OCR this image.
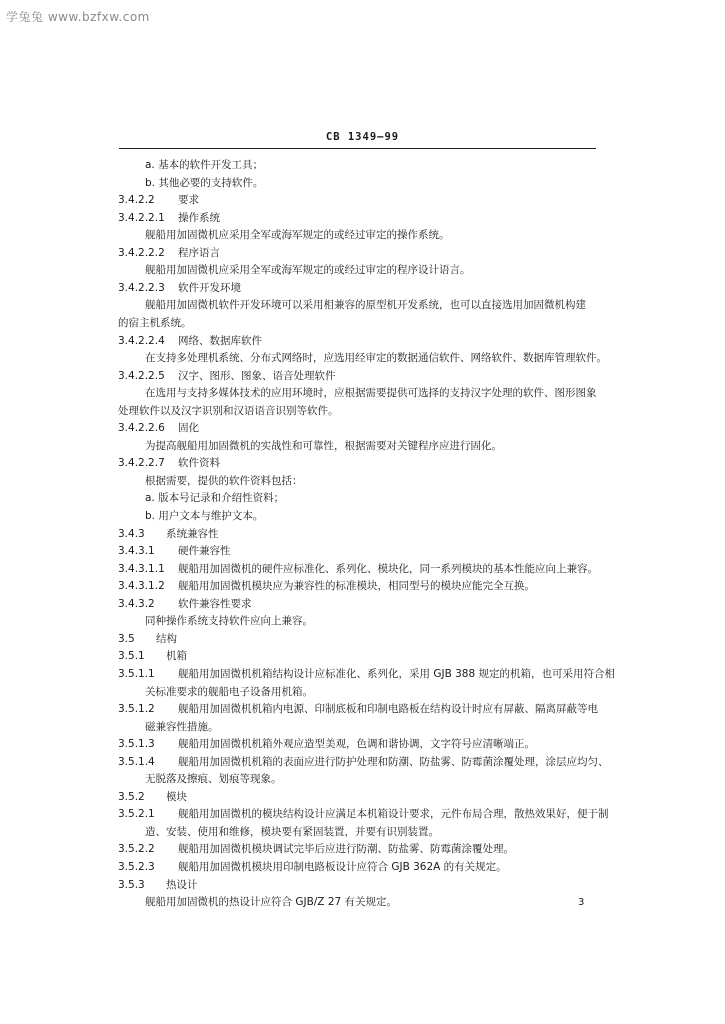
学兔兔 www.bzfxw.com
CB 1349—99
a. 基本的软件开发工具；
b. 其他必要的支持软件。
3.4.2.2 要求
3.4.2.2.1 操作系统
舰船用加固微机应采用全军或海军规定的或经过审定的操作系统。
3.4.2.2.2 程序语言
舰船用加固微机应采用全军或海军规定的或经过审定的程序设计语言。
3.4.2.2.3 软件开发环境
舰船用加固微机软件开发环境可以采用相兼容的原型机开发系统，也可以直接选用加固微机构建
的宿主机系统。
3.4.2.2.4 网络、数据库软件
在支持多处理机系统、分布式网络时，应选用经审定的数据通信软件、网络软件、数据库管理软件。
3.4.2.2.5 汉字、图形、图象、语音处理软件
在选用与支持多媒体技术的应用环境时，应根据需要提供可选择的支持汉字处理的软件、图形图象
处理软件以及汉字识别和汉语语音识别等软件。
3.4.2.2.6 固化
为提高舰船用加固微机的实战性和可靠性，根据需要对关键程序应进行固化。
3.4.2.2.7 软件资料
根据需要，提供的软件资料包括：
a. 版本号记录和介绍性资料；
b. 用户文本与维护文本。
3.4.3 系统兼容性
3.4.3.1 硬件兼容性
3.4.3.1.1 舰船用加固微机的硬件应标准化、系列化、模块化，同一系列模块的基本性能应向上兼容。
3.4.3.1.2 舰船用加固微机模块应为兼容性的标准模块，相同型号的模块应能完全互换。
3.4.3.2 软件兼容性要求
同种操作系统支持软件应向上兼容。
3.5 结构
3.5.1 机箱
3.5.1.1 舰船用加固微机机箱结构设计应标准化、系列化，采用 GJB 388 规定的机箱，也可采用符合相
关标准要求的舰船电子设备用机箱。
3.5.1.2 舰船用加固微机机箱内电源、印制底板和印制电路板在结构设计时应有屏蔽、隔离屏蔽等电
磁兼容性措施。
3.5.1.3 舰船用加固微机机箱外观应造型美观，色调和谐协调，文字符号应清晰端正。
3.5.1.4 舰船用加固微机机箱的表面应进行防护处理和防潮、防盐雾、防霉菌涂覆处理，涂层应均匀、
无脱落及擦痕、划痕等现象。
3.5.2 模块
3.5.2.1 舰船用加固微机的模块结构设计应满足本机箱设计要求，元件布局合理，散热效果好，便于制
造、安装、使用和维修，模块要有紧固装置，并要有识别装置。
3.5.2.2 舰船用加固微机模块调试完毕后应进行防潮、防盐雾、防霉菌涂覆处理。
3.5.2.3 舰船用加固微机模块用印制电路板设计应符合 GJB 362A 的有关规定。
3.5.3 热设计
舰船用加固微机的热设计应符合 GJB/Z 27 有关规定。	3
